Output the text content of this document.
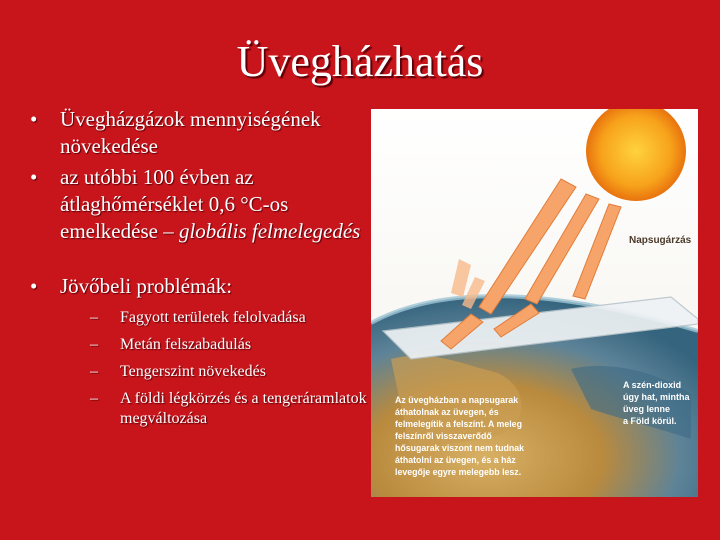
Üvegházhatás
• Üvegházgázok mennyiségének növekedése
• az utóbbi 100 évben az átlaghőmérséklet 0,6 °C-os emelkedése – globális felmelegedés
• Jövőbeli problémák:
– Fagyott területek felolvadása
– Metán felszabadulás
– Tengerszint növekedés
– A földi légkörzés és a tengeráramlatok megváltozása
Napsugárzás
A szén-dioxid
úgy hat, mintha
üveg lenne
a Föld körül.
Az üvegházban a napsugarak
áthatolnak az üvegen, és
felmelegítik a felszínt. A meleg
felszínről visszaverődő
hősugarak viszont nem tudnak
áthatolni az üvegen, és a ház
levegője egyre melegebb lesz.
